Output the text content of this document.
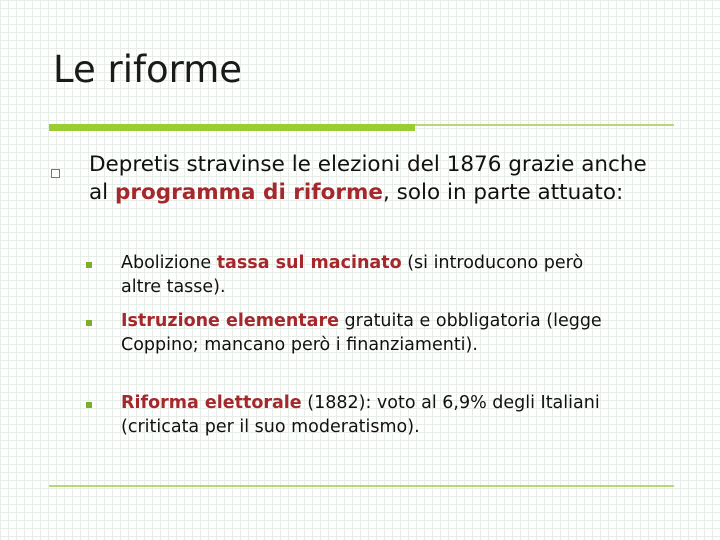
Le riforme
Depretis stravinse le elezioni del 1876 grazie anche al programma di riforme, solo in parte attuato:
Abolizione tassa sul macinato (si introducono però altre tasse).
Istruzione elementare gratuita e obbligatoria (legge Coppino; mancano però i finanziamenti).
Riforma elettorale (1882): voto al 6,9% degli Italiani (criticata per il suo moderatismo).
